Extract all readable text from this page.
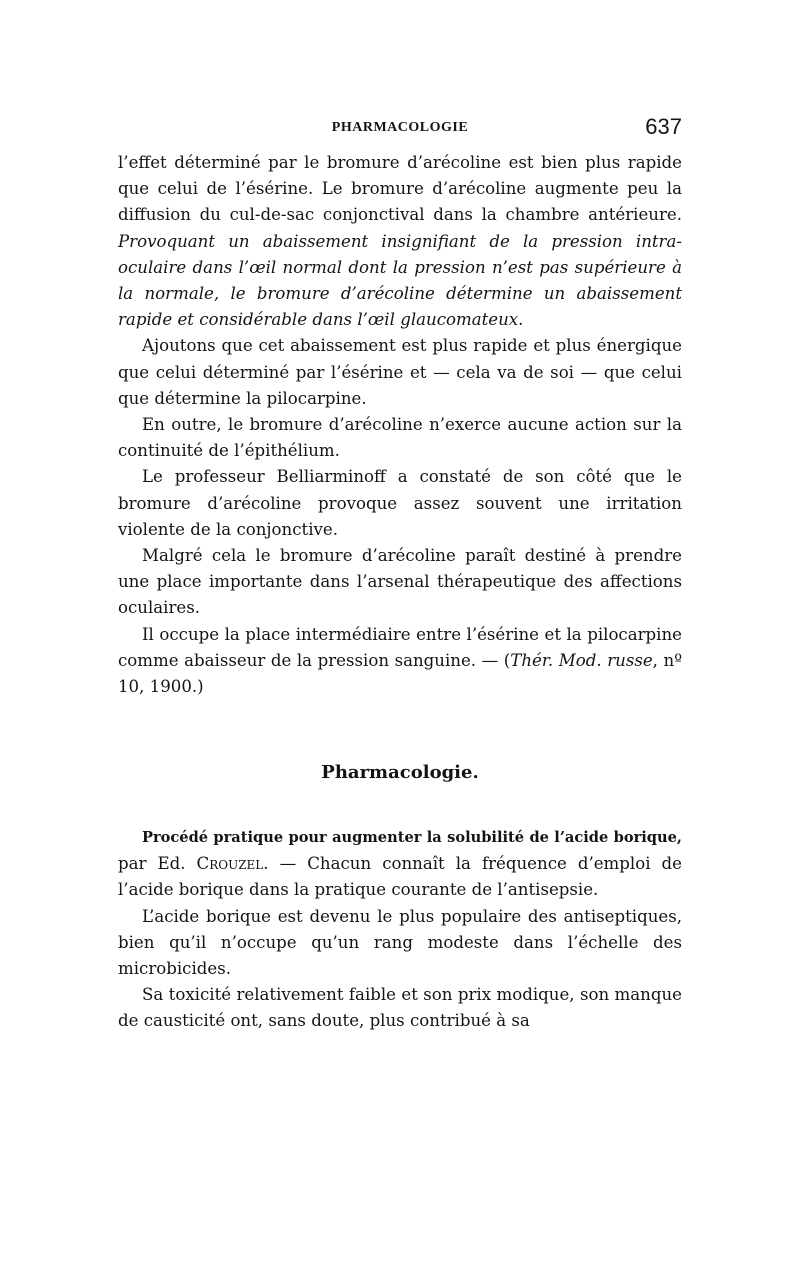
PHARMACOLOGIE	637

l’effet déterminé par le bromure d’arécoline est bien plus rapide que celui de l’ésérine. Le bromure d’arécoline augmente peu la diffusion du cul-de-sac conjonctival dans la chambre antérieure. Provoquant un abaissement insignifiant de la pression intra-oculaire dans l’œil normal dont la pression n’est pas supérieure à la normale, le bromure d’arécoline détermine un abaissement rapide et considérable dans l’œil glaucomateux.

Ajoutons que cet abaissement est plus rapide et plus énergique que celui déterminé par l’ésérine et — cela va de soi — que celui que détermine la pilocarpine.

En outre, le bromure d’arécoline n’exerce aucune action sur la continuité de l’épithélium.

Le professeur Belliarminoff a constaté de son côté que le bromure d’arécoline provoque assez souvent une irritation violente de la conjonctive.

Malgré cela le bromure d’arécoline paraît destiné à prendre une place importante dans l’arsenal thérapeutique des affections oculaires.

Il occupe la place intermédiaire entre l’ésérine et la pilocarpine comme abaisseur de la pression sanguine. — (Thér. Mod. russe, nº 10, 1900.)

Pharmacologie.

Procédé pratique pour augmenter la solubilité de l’acide borique, par Ed. Crouzel. — Chacun connaît la fréquence d’emploi de l’acide borique dans la pratique courante de l’antisepsie.

L’acide borique est devenu le plus populaire des antiseptiques, bien qu’il n’occupe qu’un rang modeste dans l’échelle des microbicides.

Sa toxicité relativement faible et son prix modique, son manque de causticité ont, sans doute, plus contribué à sa
